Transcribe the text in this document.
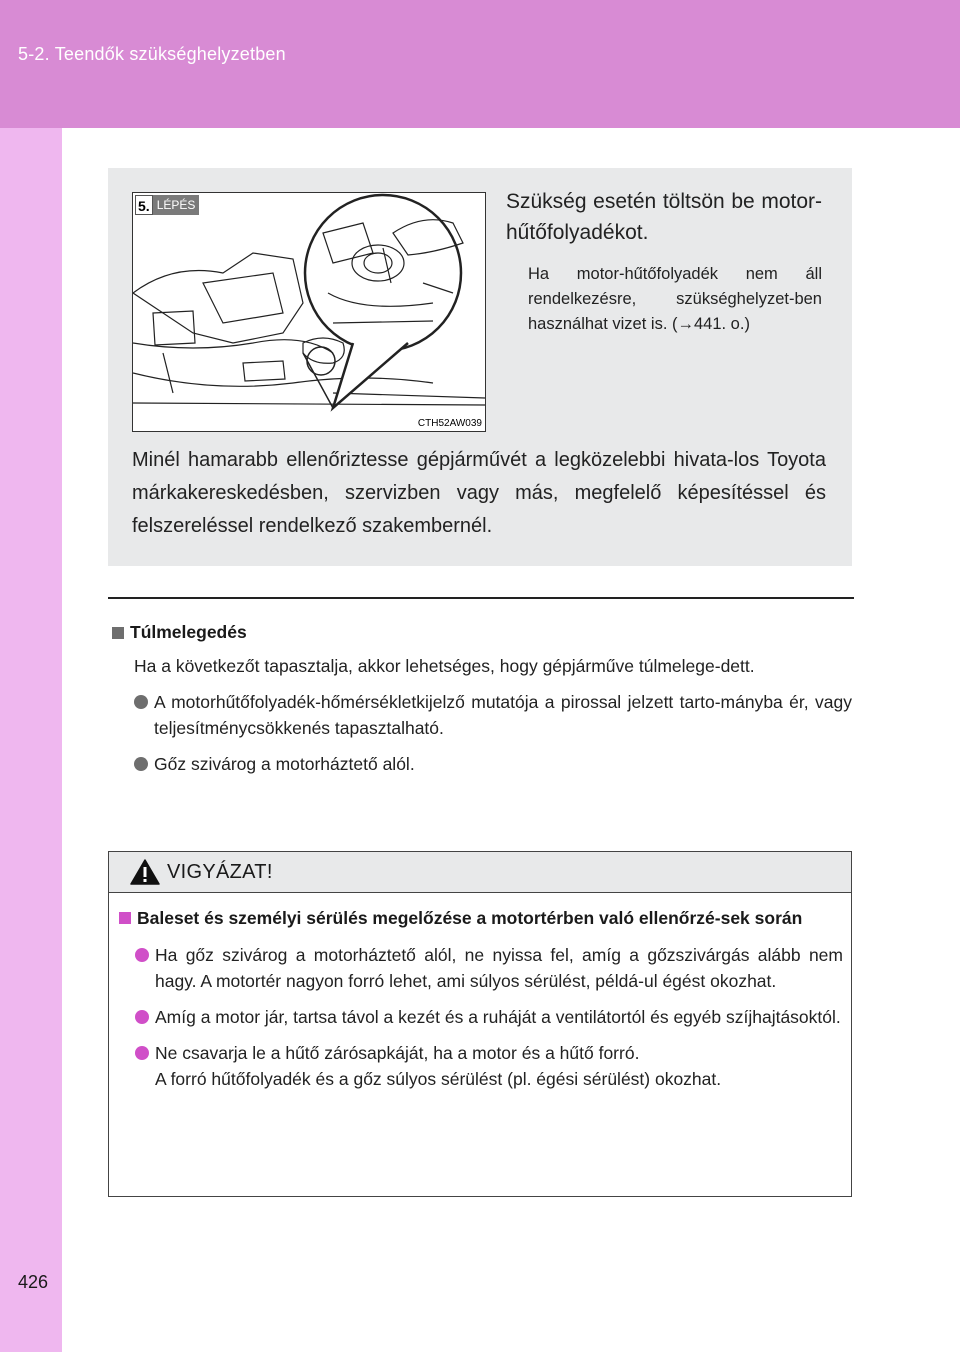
5-2. Teendők szükséghelyzetben
5. LÉPÉS
CTH52AW039
Szükség esetén töltsön be motor-hűtőfolyadékot.
Ha motor-hűtőfolyadék nem áll rendelkezésre, szükséghelyzet-ben használhat vizet is. (→441. o.)
Minél hamarabb ellenőriztesse gépjárművét a legközelebbi hivata-los Toyota márkakereskedésben, szervizben vagy más, megfelelő képesítéssel és felszereléssel rendelkező szakembernél.
Túlmelegedés
Ha a következőt tapasztalja, akkor lehetséges, hogy gépjárműve túlmelege-dett.
A motorhűtőfolyadék-hőmérsékletkijelző mutatója a pirossal jelzett tarto-mányba ér, vagy teljesítménycsökkenés tapasztalható.
Gőz szivárog a motorháztető alól.
VIGYÁZAT!
Baleset és személyi sérülés megelőzése a motortérben való ellenőrzé-sek során
Ha gőz szivárog a motorháztető alól, ne nyissa fel, amíg a gőzszivárgás alább nem hagy. A motortér nagyon forró lehet, ami súlyos sérülést, példá-ul égést okozhat.
Amíg a motor jár, tartsa távol a kezét és a ruháját a ventilátortól és egyéb szíjhajtásoktól.
Ne csavarja le a hűtő zárósapkáját, ha a motor és a hűtő forró.
A forró hűtőfolyadék és a gőz súlyos sérülést (pl. égési sérülést) okozhat.
426
